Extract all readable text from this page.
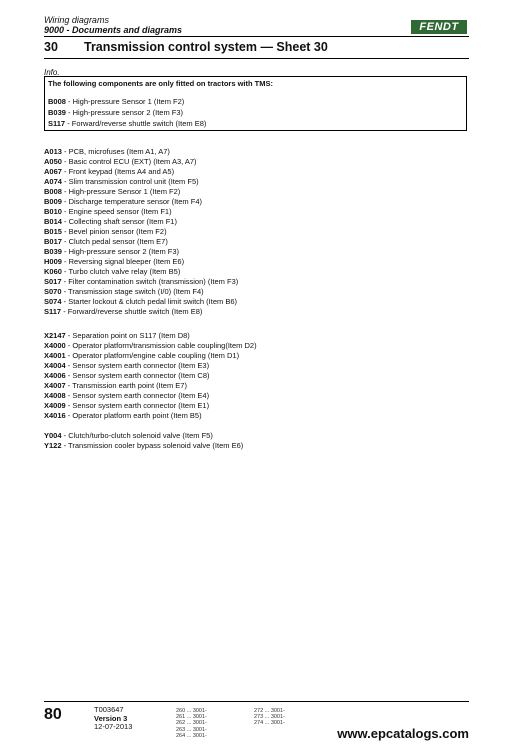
Wiring diagrams
9000 - Documents and diagrams	FENDT
30 Transmission control system — Sheet 30
Info.
The following components are only fitted on tractors with TMS:
B008 - High-pressure Sensor 1 (Item F2)
B039 - High-pressure sensor 2 (Item F3)
S117 - Forward/reverse shuttle switch (Item E8)
A013 - PCB, microfuses (Item A1, A7)
A050 - Basic control ECU (EXT) (Item A3, A7)
A067 - Front keypad (Items A4 and A5)
A074 - Slim transmission control unit (Item F5)
B008 - High-pressure Sensor 1 (Item F2)
B009 - Discharge temperature sensor (Item F4)
B010 - Engine speed sensor (Item F1)
B014 - Collecting shaft sensor (Item F1)
B015 - Bevel pinion sensor (Item F2)
B017 - Clutch pedal sensor (Item E7)
B039 - High-pressure sensor 2 (Item F3)
H009 - Reversing signal bleeper (Item E6)
K060 - Turbo clutch valve relay (Item B5)
S017 - Filter contamination switch (transmission) (Item F3)
S070 - Transmission stage switch (I/0) (Item F4)
S074 - Starter lockout & clutch pedal limit switch (Item B6)
S117 - Forward/reverse shuttle switch (Item E8)
X2147 - Separation point on S117 (Item D8)
X4000 - Operator platform/transmission cable coupling(Item D2)
X4001 - Operator platform/engine cable coupling (Item D1)
X4004 - Sensor system earth connector (Item E3)
X4006 - Sensor system earth connector (Item C8)
X4007 - Transmission earth point (Item E7)
X4008 - Sensor system earth connector (Item E4)
X4009 - Sensor system earth connector (Item E1)
X4016 - Operator platform earth point (Item B5)
Y004 - Clutch/turbo-clutch solenoid valve (Item F5)
Y122 - Transmission cooler bypass solenoid valve (Item E6)
80	T003647
Version 3
12-07-2013
260 ... 3001-
261 ... 3001-
262 ... 3001-
263 ... 3001-
264 ... 3001-
272 ... 3001-
273 ... 3001-
274 ... 3001-
www.epcatalogs.com
